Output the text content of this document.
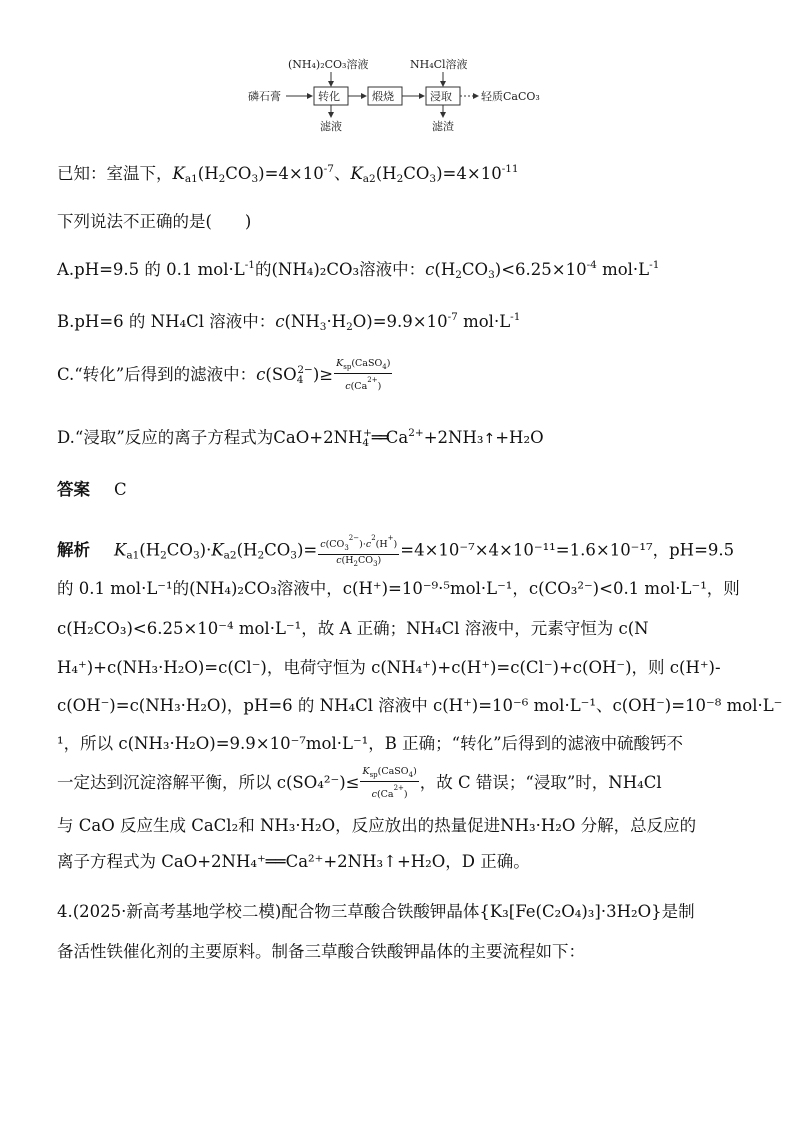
(NH₄)₂CO₃溶液	NH₄Cl溶液
磷石膏	转化	煅烧	浸取	轻质CaCO₃
滤液	滤渣
已知：室温下，$K_{a1}(H_2CO_3)=4\times 10^{-7}$、$K_{a2}(H_2CO_3)=4\times 10^{-11}$
下列说法不正确的是(　　)
A.pH=9.5 的 0.1 $mol\cdot L^{-1}$的(NH₄)₂CO₃溶液中：$c(H_2CO_3)<6.25\times 10^{-4}$ $mol\cdot L^{-1}$
B.pH=6 的 NH₄Cl 溶液中：$c(NH_3\cdot H_2O)=9.9\times 10^{-7}$ $mol\cdot L^{-1}$
C.“转化”后得到的滤液中：$c(SO_4^{2-})\ge \frac{K_{sp}(CaSO_4)}{c(Ca^{2+})}$
D.“浸取”反应的离子方程式为$CaO+2NH_4^+══Ca^{2+}+2NH_3↑+H_2O$
答案 C
解析 $K_{a1}(H_2CO_3)\cdot K_{a2}(H_2CO_3)= \frac{c(CO_3^{2-})\cdot c^2(H^+)}{c(H_2CO_3)} =4\times 10^{-7}\times 4\times 10^{-11}=1.6\times 10^{-17}$，pH=9.5
的 0.1 mol·L⁻¹的(NH₄)₂CO₃溶液中，c(H⁺)=10⁻⁹·⁵mol·L⁻¹，c(CO₃²⁻)<0.1 mol·L⁻¹，则
c(H₂CO₃)<6.25×10⁻⁴ mol·L⁻¹，故 A 正确；NH₄Cl 溶液中，元素守恒为 c(N
H₄⁺)+c(NH₃·H₂O)=c(Cl⁻)，电荷守恒为 c(NH₄⁺)+c(H⁺)=c(Cl⁻)+c(OH⁻)，则 c(H⁺)-
c(OH⁻)=c(NH₃·H₂O)，pH=6 的 NH₄Cl 溶液中 c(H⁺)=10⁻⁶ mol·L⁻¹、c(OH⁻)=10⁻⁸ mol·L⁻
¹，所以 c(NH₃·H₂O)=9.9×10⁻⁷mol·L⁻¹，B 正确；“转化”后得到的滤液中硫酸钙不
一定达到沉淀溶解平衡，所以 $c(SO_4^{2-})\le \frac{K_{sp}(CaSO_4)}{c(Ca^{2+})}$ ，故 C 错误；“浸取”时，NH₄Cl
与 CaO 反应生成 CaCl₂和 NH₃·H₂O，反应放出的热量促进NH₃·H₂O 分解，总反应的
离子方程式为 CaO+2NH₄⁺══Ca²⁺+2NH₃↑+H₂O，D 正确。
4.(2025·新高考基地学校二模)配合物三草酸合铁酸钾晶体{K₃[Fe(C₂O₄)₃]·3H₂O}是制
备活性铁催化剂的主要原料。制备三草酸合铁酸钾晶体的主要流程如下：
